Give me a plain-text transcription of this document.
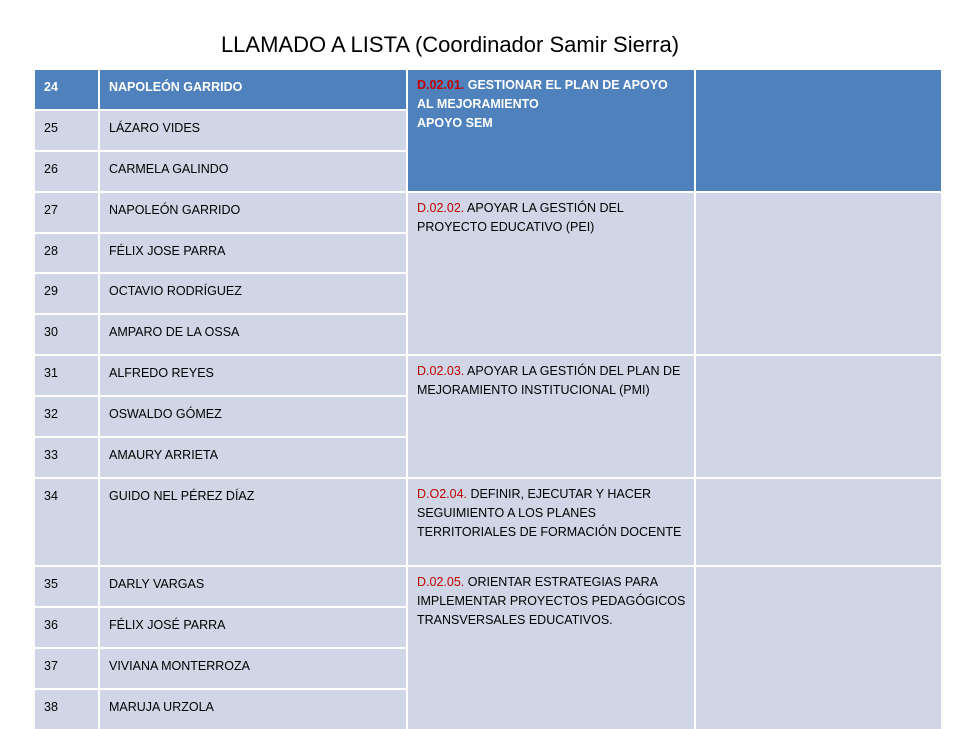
LLAMADO A LISTA (Coordinador Samir Sierra)
24	NAPOLEÓN GARRIDO	D.02.01. GESTIONAR EL PLAN DE APOYO AL MEJORAMIENTO
APOYO SEM
25	LÁZARO VIDES
26	CARMELA GALINDO
27	NAPOLEÓN GARRIDO	D.02.02. APOYAR LA GESTIÓN DEL PROYECTO EDUCATIVO (PEI)
28	FÉLIX JOSE PARRA
29	OCTAVIO RODRÍGUEZ
30	AMPARO DE LA OSSA
31	ALFREDO REYES	D.02.03. APOYAR LA GESTIÓN DEL PLAN DE MEJORAMIENTO INSTITUCIONAL (PMI)
32	OSWALDO GÓMEZ
33	AMAURY ARRIETA
34	GUIDO NEL PÉREZ DÍAZ	D.O2.04. DEFINIR, EJECUTAR Y HACER SEGUIMIENTO A LOS PLANES TERRITORIALES DE FORMACIÓN DOCENTE
35	DARLY VARGAS	D.02.05. ORIENTAR ESTRATEGIAS PARA IMPLEMENTAR PROYECTOS PEDAGÓGICOS TRANSVERSALES EDUCATIVOS.
36	FÉLIX JOSÉ PARRA
37	VIVIANA MONTERROZA
38	MARUJA URZOLA
